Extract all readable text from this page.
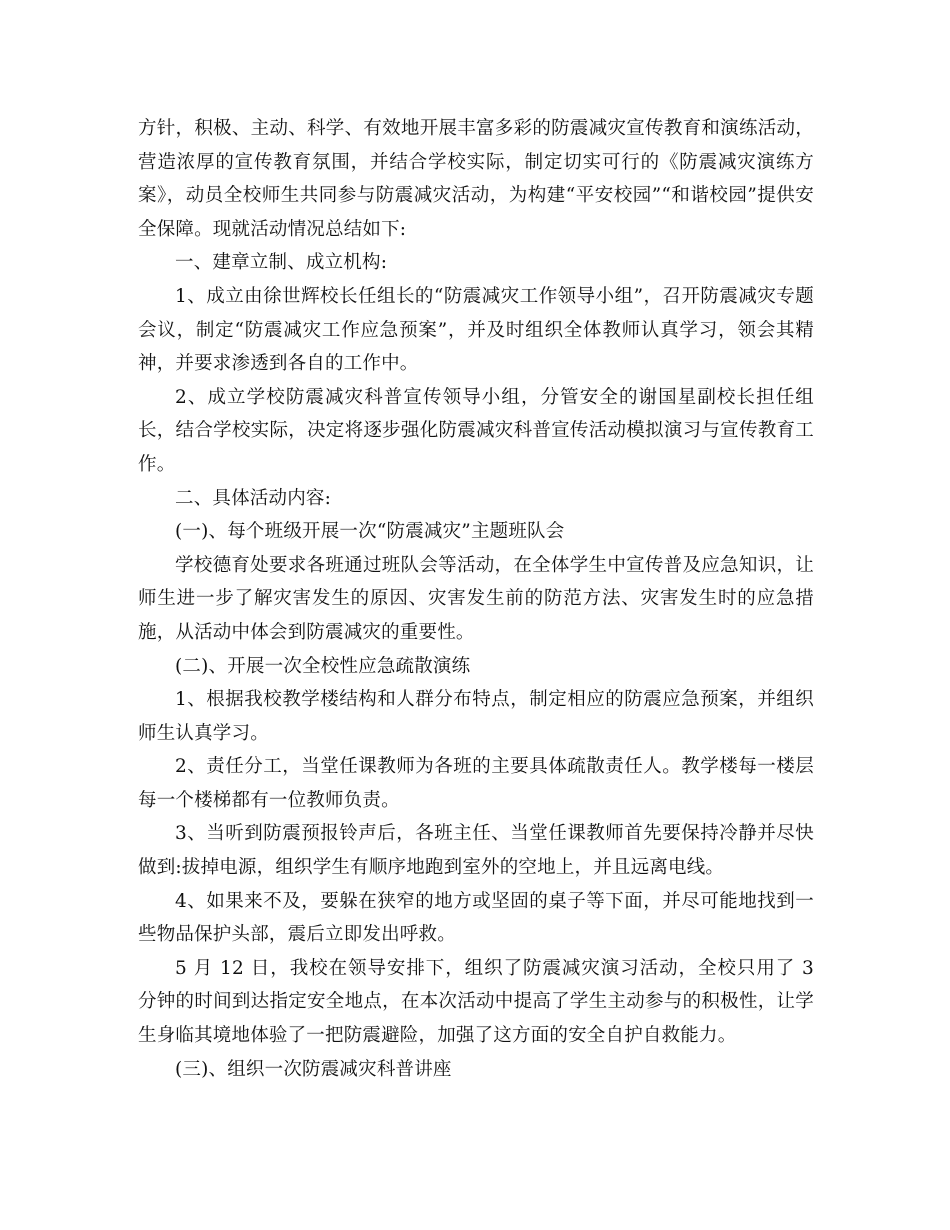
方针，积极、主动、科学、有效地开展丰富多彩的防震减灾宣传教育和演练活动，营造浓厚的宣传教育氛围，并结合学校实际，制定切实可行的《防震减灾演练方案》，动员全校师生共同参与防震减灾活动，为构建“平安校园”“和谐校园”提供安全保障。现就活动情况总结如下:

一、建章立制、成立机构:

1、成立由徐世辉校长任组长的“防震减灾工作领导小组”，召开防震减灾专题会议，制定“防震减灾工作应急预案”，并及时组织全体教师认真学习，领会其精神，并要求渗透到各自的工作中。

2、成立学校防震减灾科普宣传领导小组，分管安全的谢国星副校长担任组长，结合学校实际，决定将逐步强化防震减灾科普宣传活动模拟演习与宣传教育工作。

二、具体活动内容:

(一)、每个班级开展一次“防震减灾”主题班队会

学校德育处要求各班通过班队会等活动，在全体学生中宣传普及应急知识，让师生进一步了解灾害发生的原因、灾害发生前的防范方法、灾害发生时的应急措施，从活动中体会到防震减灾的重要性。

(二)、开展一次全校性应急疏散演练

1、根据我校教学楼结构和人群分布特点，制定相应的防震应急预案，并组织师生认真学习。

2、责任分工，当堂任课教师为各班的主要具体疏散责任人。教学楼每一楼层每一个楼梯都有一位教师负责。

3、当听到防震预报铃声后，各班主任、当堂任课教师首先要保持冷静并尽快做到:拔掉电源，组织学生有顺序地跑到室外的空地上，并且远离电线。

4、如果来不及，要躲在狭窄的地方或坚固的桌子等下面，并尽可能地找到一些物品保护头部，震后立即发出呼救。

5 月 12 日，我校在领导安排下，组织了防震减灾演习活动，全校只用了 3 分钟的时间到达指定安全地点，在本次活动中提高了学生主动参与的积极性，让学生身临其境地体验了一把防震避险，加强了这方面的安全自护自救能力。

(三)、组织一次防震减灾科普讲座
